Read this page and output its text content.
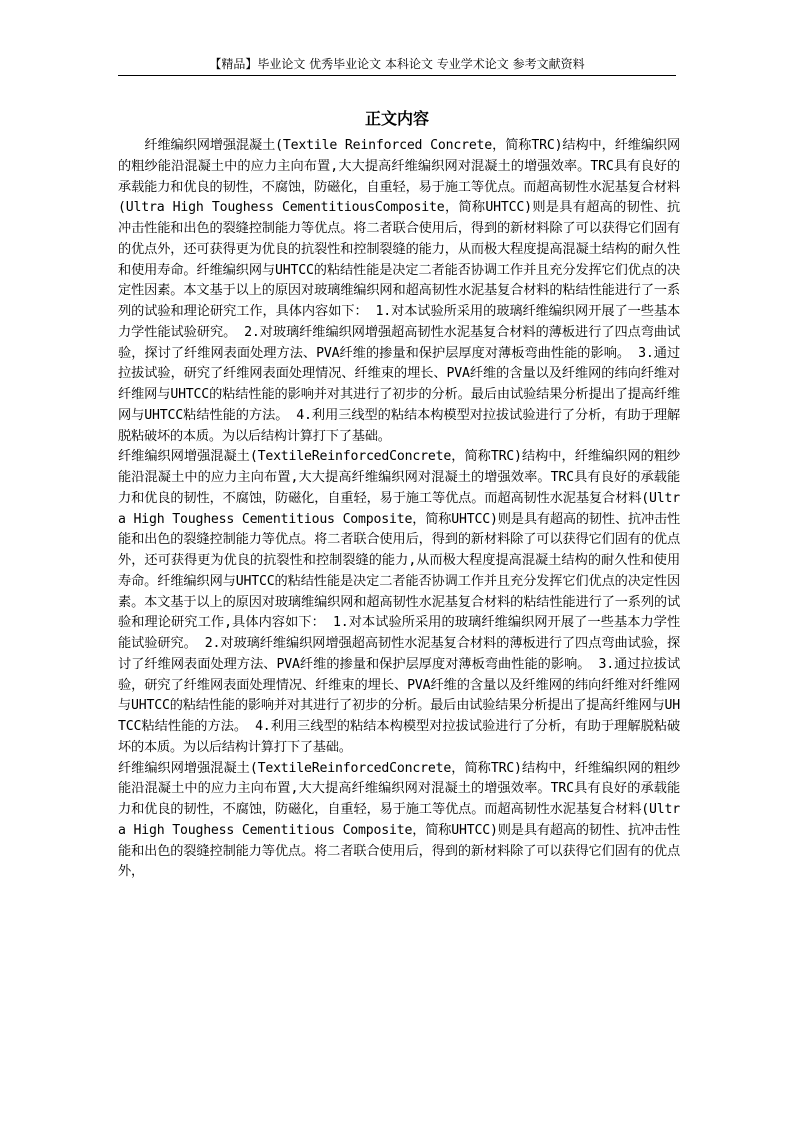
【精品】毕业论文 优秀毕业论文 本科论文 专业学术论文 参考文献资料
正文内容

纤维编织网增强混凝土(Textile Reinforced Concrete，简称TRC)结构中，纤维编织网的粗纱能沿混凝土中的应力主向布置,大大提高纤维编织网对混凝土的增强效率。TRC具有良好的承载能力和优良的韧性，不腐蚀，防磁化，自重轻，易于施工等优点。而超高韧性水泥基复合材料(Ultra High Toughess CementitiousComposite，简称UHTCC)则是具有超高的韧性、抗冲击性能和出色的裂缝控制能力等优点。将二者联合使用后，得到的新材料除了可以获得它们固有的优点外，还可获得更为优良的抗裂性和控制裂缝的能力，从而极大程度提高混凝土结构的耐久性和使用寿命。纤维编织网与UHTCC的粘结性能是决定二者能否协调工作并且充分发挥它们优点的决定性因素。本文基于以上的原因对玻璃维编织网和超高韧性水泥基复合材料的粘结性能进行了一系列的试验和理论研究工作，具体内容如下： 1.对本试验所采用的玻璃纤维编织网开展了一些基本力学性能试验研究。 2.对玻璃纤维编织网增强超高韧性水泥基复合材料的薄板进行了四点弯曲试验，探讨了纤维网表面处理方法、PVA纤维的掺量和保护层厚度对薄板弯曲性能的影响。 3.通过拉拔试验，研究了纤维网表面处理情况、纤维束的埋长、PVA纤维的含量以及纤维网的纬向纤维对纤维网与UHTCC的粘结性能的影响并对其进行了初步的分析。最后由试验结果分析提出了提高纤维网与UHTCC粘结性能的方法。 4.利用三线型的粘结本构模型对拉拔试验进行了分析，有助于理解脱粘破坏的本质。为以后结构计算打下了基础。

纤维编织网增强混凝土(TextileReinforcedConcrete，简称TRC)结构中，纤维编织网的粗纱能沿混凝土中的应力主向布置,大大提高纤维编织网对混凝土的增强效率。TRC具有良好的承载能力和优良的韧性，不腐蚀，防磁化，自重轻，易于施工等优点。而超高韧性水泥基复合材料(Ultra High Toughess Cementitious Composite，简称UHTCC)则是具有超高的韧性、抗冲击性能和出色的裂缝控制能力等优点。将二者联合使用后，得到的新材料除了可以获得它们固有的优点外，还可获得更为优良的抗裂性和控制裂缝的能力,从而极大程度提高混凝土结构的耐久性和使用寿命。纤维编织网与UHTCC的粘结性能是决定二者能否协调工作并且充分发挥它们优点的决定性因素。本文基于以上的原因对玻璃维编织网和超高韧性水泥基复合材料的粘结性能进行了一系列的试验和理论研究工作,具体内容如下： 1.对本试验所采用的玻璃纤维编织网开展了一些基本力学性能试验研究。 2.对玻璃纤维编织网增强超高韧性水泥基复合材料的薄板进行了四点弯曲试验，探讨了纤维网表面处理方法、PVA纤维的掺量和保护层厚度对薄板弯曲性能的影响。 3.通过拉拔试验，研究了纤维网表面处理情况、纤维束的埋长、PVA纤维的含量以及纤维网的纬向纤维对纤维网与UHTCC的粘结性能的影响并对其进行了初步的分析。最后由试验结果分析提出了提高纤维网与UHTCC粘结性能的方法。 4.利用三线型的粘结本构模型对拉拔试验进行了分析，有助于理解脱粘破坏的本质。为以后结构计算打下了基础。

纤维编织网增强混凝土(TextileReinforcedConcrete，简称TRC)结构中，纤维编织网的粗纱能沿混凝土中的应力主向布置,大大提高纤维编织网对混凝土的增强效率。TRC具有良好的承载能力和优良的韧性，不腐蚀，防磁化，自重轻，易于施工等优点。而超高韧性水泥基复合材料(Ultra High Toughess Cementitious Composite，简称UHTCC)则是具有超高的韧性、抗冲击性能和出色的裂缝控制能力等优点。将二者联合使用后，得到的新材料除了可以获得它们固有的优点外，
